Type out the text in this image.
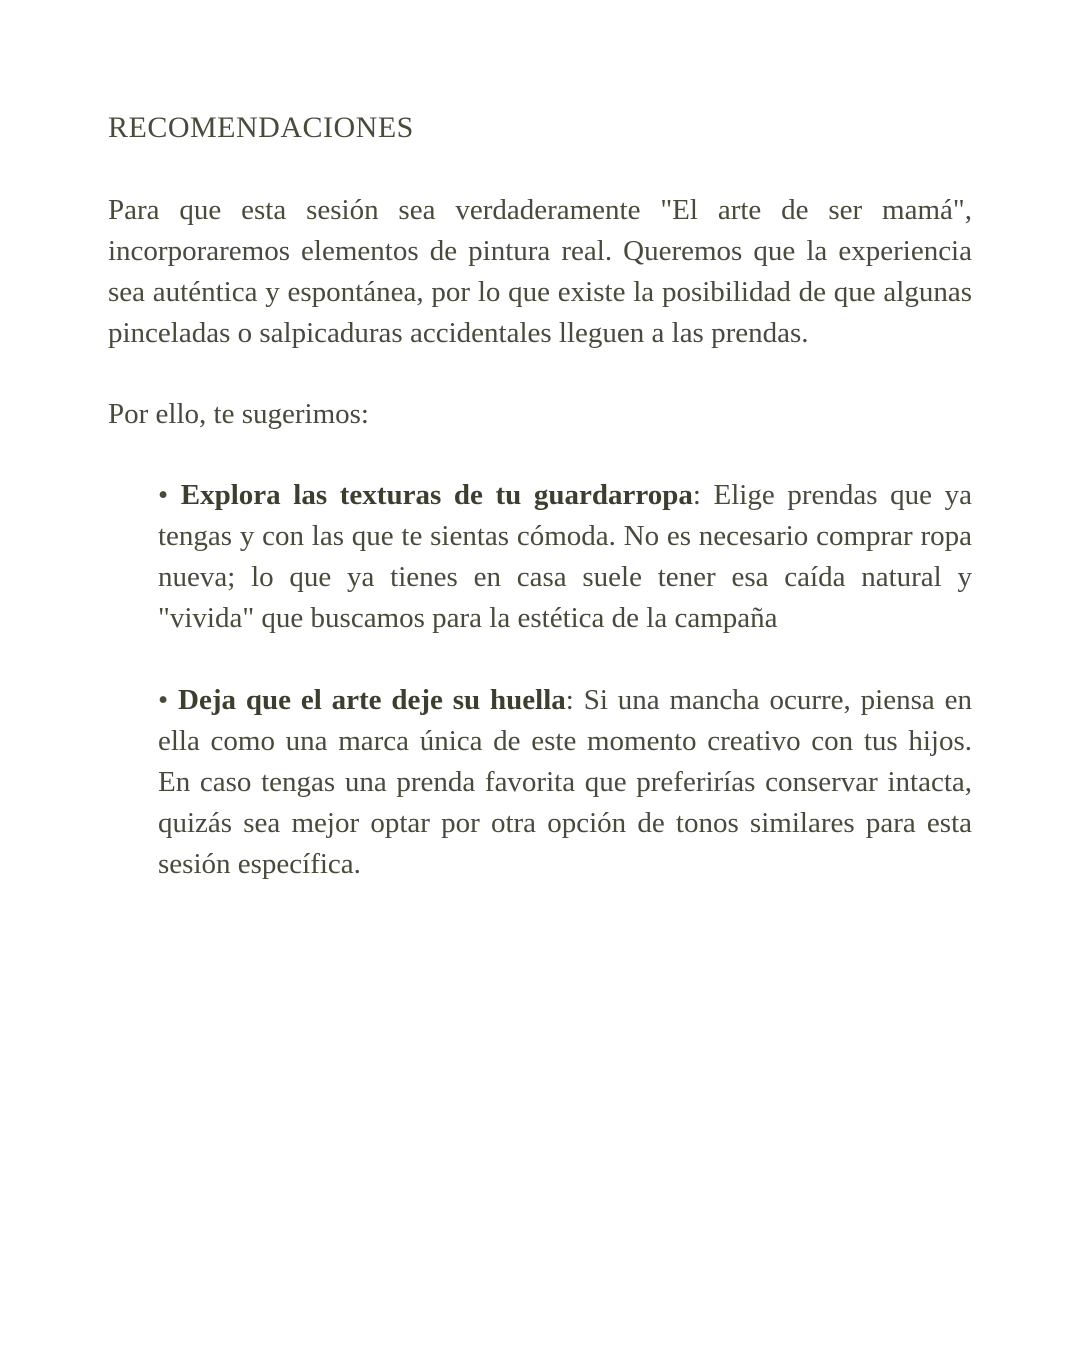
RECOMENDACIONES

Para que esta sesión sea verdaderamente "El arte de ser mamá", incorporaremos elementos de pintura real. Queremos que la experiencia sea auténtica y espontánea, por lo que existe la posibilidad de que algunas pinceladas o salpicaduras accidentales lleguen a las prendas.

Por ello, te sugerimos:

• Explora las texturas de tu guardarropa: Elige prendas que ya tengas y con las que te sientas cómoda. No es necesario comprar ropa nueva; lo que ya tienes en casa suele tener esa caída natural y "vivida" que buscamos para la estética de la campaña
• Deja que el arte deje su huella: Si una mancha ocurre, piensa en ella como una marca única de este momento creativo con tus hijos. En caso tengas una prenda favorita que preferirías conservar intacta, quizás sea mejor optar por otra opción de tonos similares para esta sesión específica.
